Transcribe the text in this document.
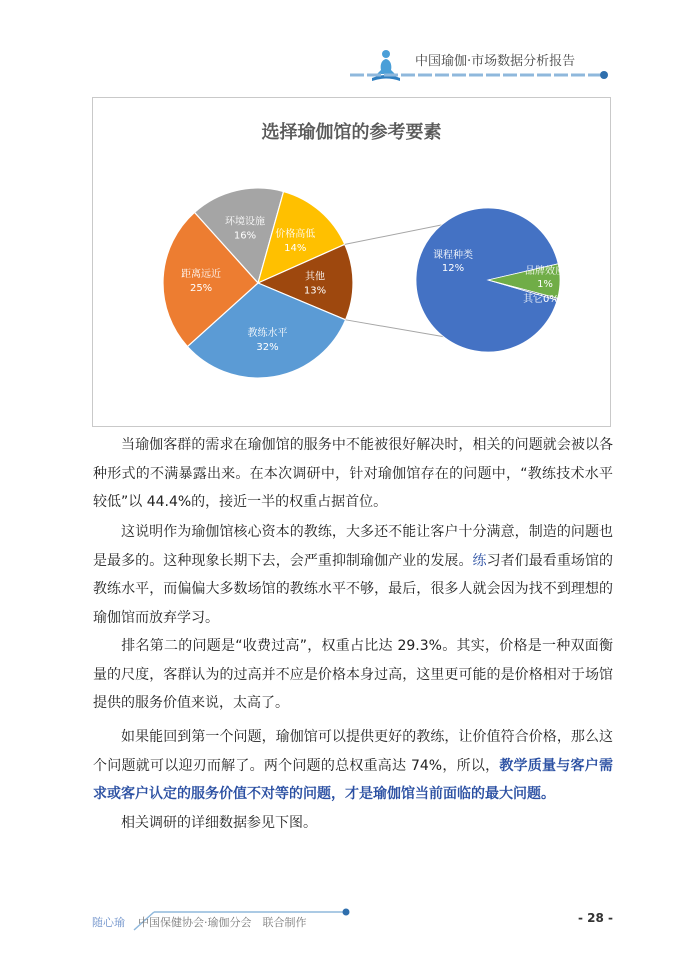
中国瑜伽·市场数据分析报告
选择瑜伽馆的参考要素
环境设施
16% 价格高低
14%
其他
13%
教练水平
32%
距离远近
25%
课程种类
12%	品牌效应
1%
其它0%
当瑜伽客群的需求在瑜伽馆的服务中不能被很好解决时，相关的问题就会被以各种形式的不满暴露出来。在本次调研中，针对瑜伽馆存在的问题中，“教练技术水平较低”以 44.4%的，接近一半的权重占据首位。
这说明作为瑜伽馆核心资本的教练，大多还不能让客户十分满意，制造的问题也是最多的。这种现象长期下去，会严重抑制瑜伽产业的发展。练习者们最看重场馆的教练水平，而偏偏大多数场馆的教练水平不够，最后，很多人就会因为找不到理想的瑜伽馆而放弃学习。
排名第二的问题是“收费过高”，权重占比达 29.3%。其实，价格是一种双面衡量的尺度，客群认为的过高并不应是价格本身过高，这里更可能的是价格相对于场馆提供的服务价值来说，太高了。
如果能回到第一个问题，瑜伽馆可以提供更好的教练，让价值符合价格，那么这个问题就可以迎刃而解了。两个问题的总权重高达 74%，所以，教学质量与客户需求或客户认定的服务价值不对等的问题，才是瑜伽馆当前面临的最大问题。
相关调研的详细数据参见下图。
随心瑜 中国保健协会·瑜伽分会　联合制作	- 28 -
